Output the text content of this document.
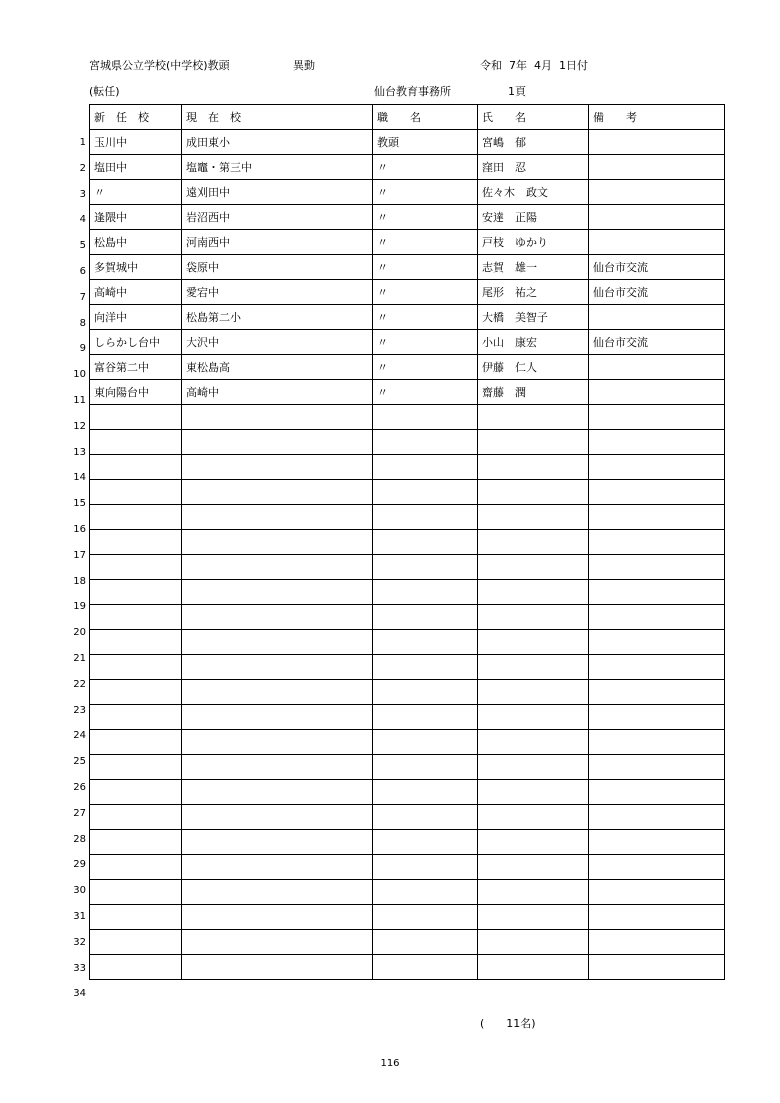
宮城県公立学校(中学校)教頭	異動	令和  7年  4月  1日付
(転任)	仙台教育事務所	1頁
1
2
3
4
5
6
7
8
9
10
11
12
13
14
15
16
17
18
19
20
21
22
23
24
25
26
27
28
29
30
31
32
33
34
新　任　校	現　在　校	職　　名	氏　　名	備　　考
玉川中	成田東小	教頭	宮嶋　郁	
塩田中	塩竈・第三中	〃	窪田　忍	
〃	遠刈田中	〃	佐々木　政文	
逢隈中	岩沼西中	〃	安達　正陽	
松島中	河南西中	〃	戸枝　ゆかり	
多賀城中	袋原中	〃	志賀　雄一	仙台市交流
高崎中	愛宕中	〃	尾形　祐之	仙台市交流
向洋中	松島第二小	〃	大橋　美智子	
しらかし台中	大沢中	〃	小山　康宏	仙台市交流
富谷第二中	東松島高	〃	伊藤　仁人	
東向陽台中	高崎中	〃	齋藤　潤	

(　　11名)
116
